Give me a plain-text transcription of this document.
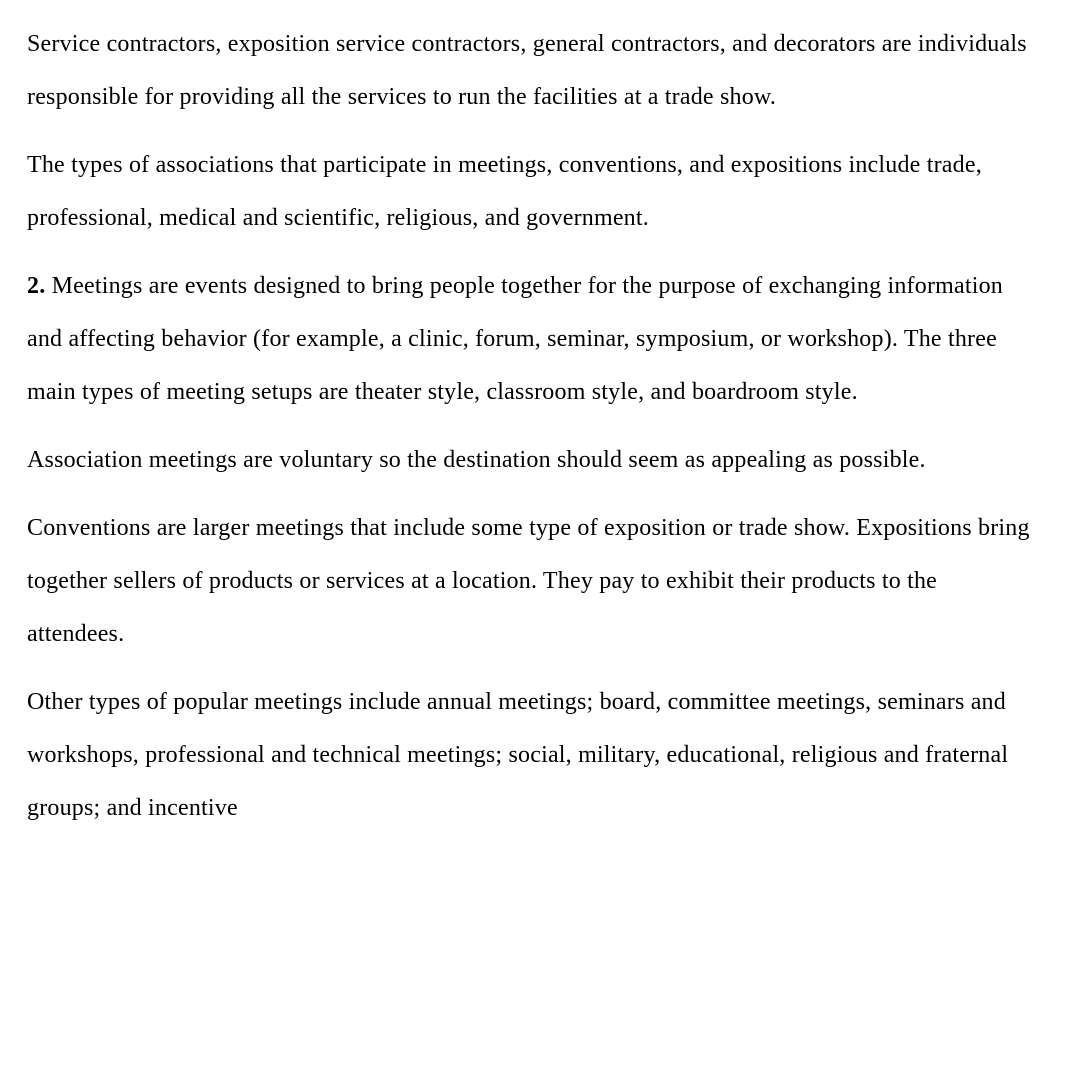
Service contractors, exposition service contractors, general contractors, and decorators are individuals responsible for providing all the services to run the facilities at a trade show.

The types of associations that participate in meetings, conventions, and expositions include trade, professional, medical and scientific, religious, and government.

2. Meetings are events designed to bring people together for the purpose of exchanging information and affecting behavior (for example, a clinic, forum, seminar, symposium, or workshop). The three main types of meeting setups are theater style, classroom style, and boardroom style.

Association meetings are voluntary so the destination should seem as appealing as possible.

Conventions are larger meetings that include some type of exposition or trade show. Expositions bring together sellers of products or services at a location. They pay to exhibit their products to the attendees.

Other types of popular meetings include annual meetings; board, committee meetings, seminars and workshops, professional and technical meetings; social, military, educational, religious and fraternal groups; and incentive
